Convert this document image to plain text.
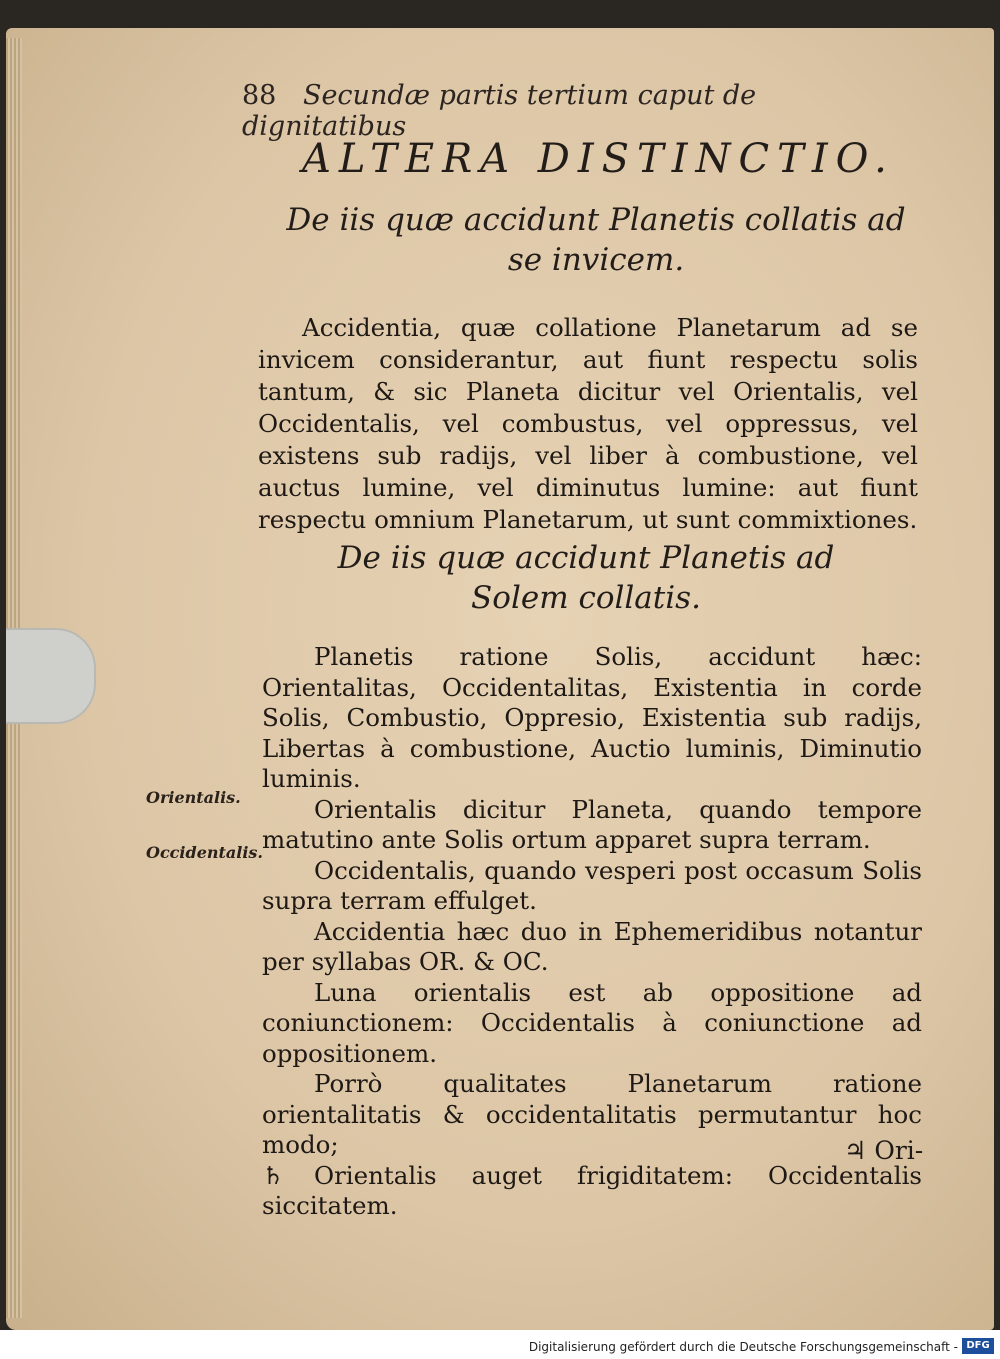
88 Secundæ partis tertium caput de dignitatibus
ALTERA DISTINCTIO.
De iis quæ accidunt Planetis collatis ad se invicem.
Accidentia, quæ collatione Planetarum ad se invicem considerantur, aut fiunt respectu solis tantum, & sic Planeta dicitur vel Orientalis, vel Occidentalis, vel combustus, vel oppressus, vel existens sub radijs, vel liber à combustione, vel auctus lumine, vel diminutus lumine: aut fiunt respectu omnium Planetarum, ut sunt commixtiones.
De iis quæ accidunt Planetis ad Solem collatis.
Orientalis.
Occidentalis.

Planetis ratione Solis, accidunt hæc: Orientalitas, Occidentalitas, Existentia in corde Solis, Combustio, Oppresio, Existentia sub radijs, Libertas à combustione, Auctio luminis, Diminutio luminis.

Orientalis dicitur Planeta, quando tempore matutino ante Solis ortum apparet supra terram.

Occidentalis, quando vesperi post occasum Solis supra terram effulget.

Accidentia hæc duo in Ephemeridibus notantur per syllabas OR. & OC.

Luna orientalis est ab oppositione ad coniunctionem: Occidentalis à coniunctione ad oppositionem.

Porrò qualitates Planetarum ratione orientalitatis & occidentalitatis permutantur hoc modo;

♄ Orientalis auget frigiditatem: Occidentalis siccitatem.

♃ Ori-
Digitalisierung gefördert durch die Deutsche Forschungsgemeinschaft - DFG
